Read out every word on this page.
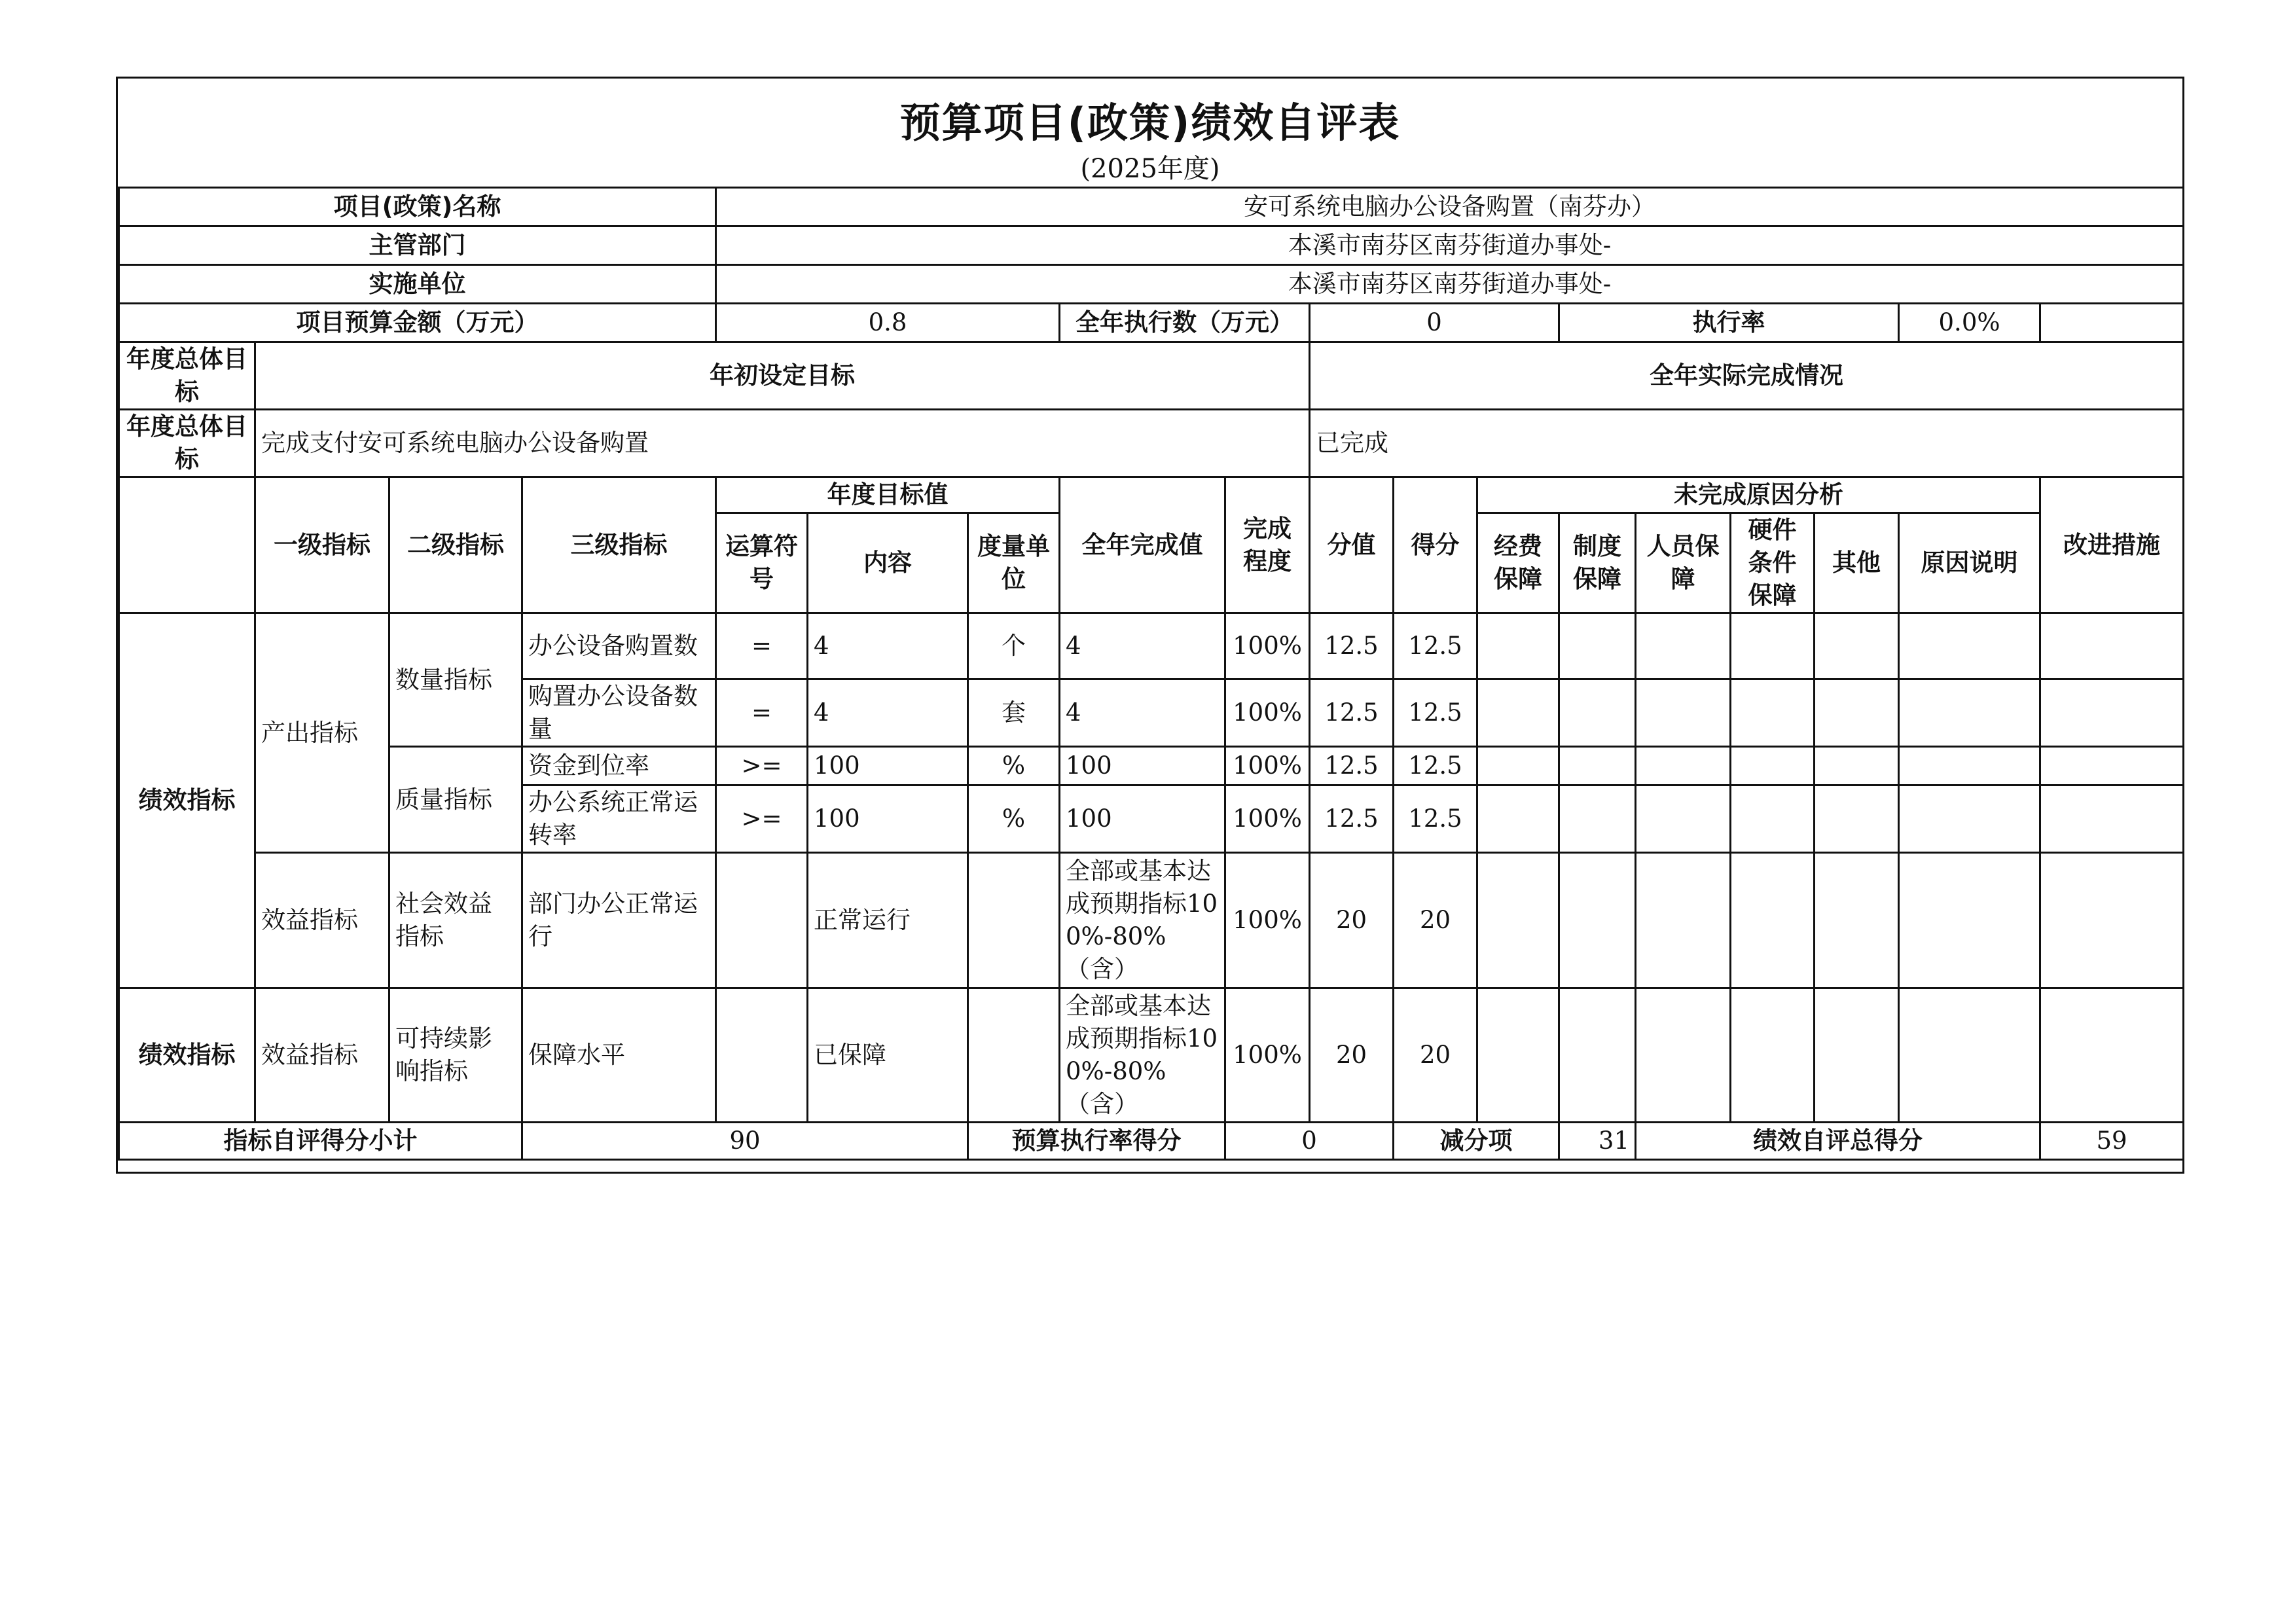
预算项目(政策)绩效自评表
(2025年度)
项目(政策)名称				安可系统电脑办公设备购置（南芬办）													
主管部门				本溪市南芬区南芬街道办事处-													
实施单位				本溪市南芬区南芬街道办事处-													
项目预算金额（万元）				0.8			全年执行数（万元）		0			执行率				0.0%	
年度总体目标	年初设定目标								全年实际完成情况								
年度总体目标	完成支付安可系统电脑办公设备购置								已完成								
	一级指标	二级指标	三级指标	年度目标值			全年完成值	完成程度	分值	得分	未完成原因分析						改进措施
				运算符号	内容	度量单位					经费保障	制度保障	人员保障	硬件条件保障	其他	原因说明	
绩效指标	产出指标	数量指标	办公设备购置数	=	4	个	4	100%	12.5	12.5							
			购置办公设备数量	=	4	套	4	100%	12.5	12.5							
		质量指标	资金到位率	>=	100	%	100	100%	12.5	12.5							
			办公系统正常运转率	>=	100	%	100	100%	12.5	12.5							
	效益指标	社会效益指标	部门办公正常运行		正常运行		全部或基本达成预期指标100%-80%（含）	100%	20	20							
绩效指标	效益指标	可持续影响指标	保障水平		已保障		全部或基本达成预期指标100%-80%（含）	100%	20	20							
指标自评得分小计			90			预算执行率得分		0		减分项		31	绩效自评总得分				59
